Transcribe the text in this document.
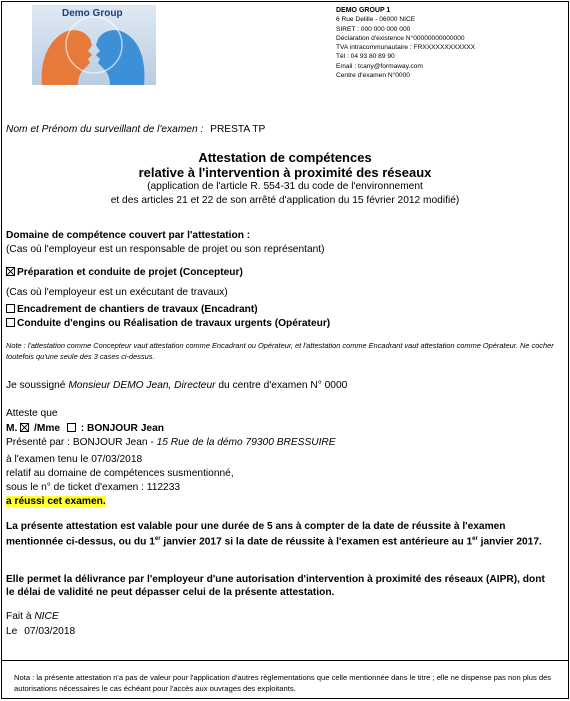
Demo Group	DEMO GROUP 1
6 Rue Delille - 06000 NICE
SIRET : 000 000 000 000
Déclaration d'existence N°00000000000000
TVA intracommunautaire : FRXXXXXXXXXXXX
Tél : 04 93 80 89 90
Email : tcany@formaway.com
Centre d'examen N°0000
Nom et Prénom du surveillant de l'examen : PRESTA TP
Attestation de compétences
relative à l'intervention à proximité des réseaux
(application de l'article R. 554-31 du code de l'environnement
et des articles 21 et 22 de son arrêté d'application du 15 février 2012 modifié)
Domaine de compétence couvert par l'attestation :
(Cas où l'employeur est un responsable de projet ou son représentant)
Préparation et conduite de projet (Concepteur)
(Cas où l'employeur est un exécutant de travaux)
Encadrement de chantiers de travaux (Encadrant)
Conduite d'engins ou Réalisation de travaux urgents (Opérateur)
Note : l'attestation comme Concepteur vaut attestation comme Encadrant ou Opérateur, et l'attestation comme Encadrant vaut attestation comme Opérateur. Ne cocher toutefois qu'une seule des 3 cases ci-dessus.
Je soussigné Monsieur DEMO Jean, Directeur du centre d'examen N° 0000
Atteste que
M. /Mme : BONJOUR Jean
Présenté par : BONJOUR Jean - 15 Rue de la démo 79300 BRESSUIRE
à l'examen tenu le 07/03/2018
relatif au domaine de compétences susmentionné,
sous le n° de ticket d'examen : 112233
a réussi cet examen.
La présente attestation est valable pour une durée de 5 ans à compter de la date de réussite à l'examen mentionnée ci-dessus, ou du 1er janvier 2017 si la date de réussite à l'examen est antérieure au 1er janvier 2017.
Elle permet la délivrance par l'employeur d'une autorisation d'intervention à proximité des réseaux (AIPR), dont le délai de validité ne peut dépasser celui de la présente attestation.
Fait à NICE
Le 07/03/2018
Nota : la présente attestation n'a pas de valeur pour l'application d'autres réglementations que celle mentionnée dans le titre ; elle ne dispense pas non plus des autorisations nécessaires le cas échéant pour l'accès aux ouvrages des exploitants.
